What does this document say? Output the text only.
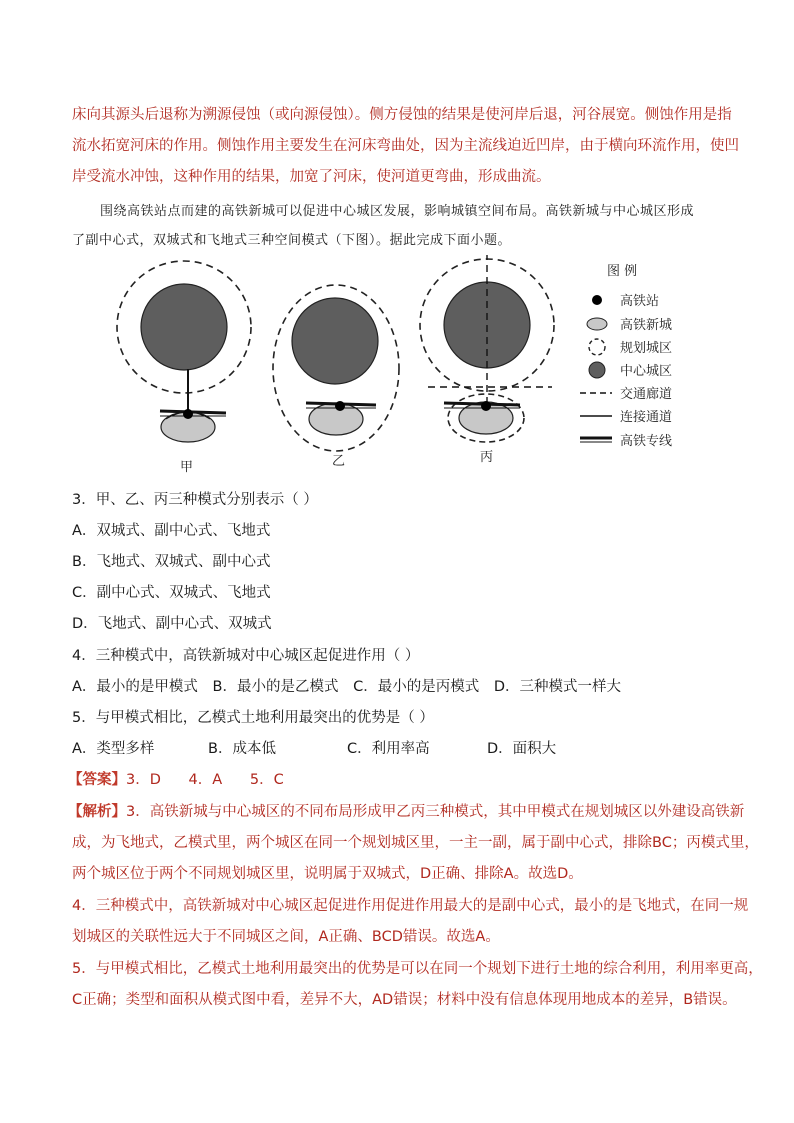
床向其源头后退称为溯源侵蚀（或向源侵蚀）。侧方侵蚀的结果是使河岸后退，河谷展宽。侧蚀作用是指
流水拓宽河床的作用。侧蚀作用主要发生在河床弯曲处，因为主流线迫近凹岸，由于横向环流作用，使凹
岸受流水冲蚀，这种作用的结果，加宽了河床，使河道更弯曲，形成曲流。
围绕高铁站点而建的高铁新城可以促进中心城区发展，影响城镇空间布局。高铁新城与中心城区形成
了副中心式，双城式和飞地式三种空间模式（下图）。据此完成下面小题。
甲	乙	丙
图 例
高铁站
高铁新城
规划城区
中心城区
交通廊道
连接通道
高铁专线
3．甲、乙、丙三种模式分别表示（ ）
A．双城式、副中心式、飞地式
B．飞地式、双城式、副中心式
C．副中心式、双城式、飞地式
D．飞地式、副中心式、双城式
4．三种模式中，高铁新城对中心城区起促进作用（ ）
A．最小的是甲模式 B．最小的是乙模式 C．最小的是丙模式 D．三种模式一样大
5．与甲模式相比，乙模式土地利用最突出的优势是（ ）
A．类型多样	B．成本低	C．利用率高	D．面积大
【答案】3．D      4．A      5．C
【解析】3．高铁新城与中心城区的不同布局形成甲乙丙三种模式，其中甲模式在规划城区以外建设高铁新
成，为飞地式，乙模式里，两个城区在同一个规划城区里，一主一副，属于副中心式，排除BC；丙模式里，
两个城区位于两个不同规划城区里，说明属于双城式，D正确、排除A。故选D。
4．三种模式中，高铁新城对中心城区起促进作用促进作用最大的是副中心式，最小的是飞地式，在同一规
划城区的关联性远大于不同城区之间，A正确、BCD错误。故选A。
5．与甲模式相比，乙模式土地利用最突出的优势是可以在同一个规划下进行土地的综合利用，利用率更高，
C正确；类型和面积从模式图中看，差异不大，AD错误；材料中没有信息体现用地成本的差异，B错误。
